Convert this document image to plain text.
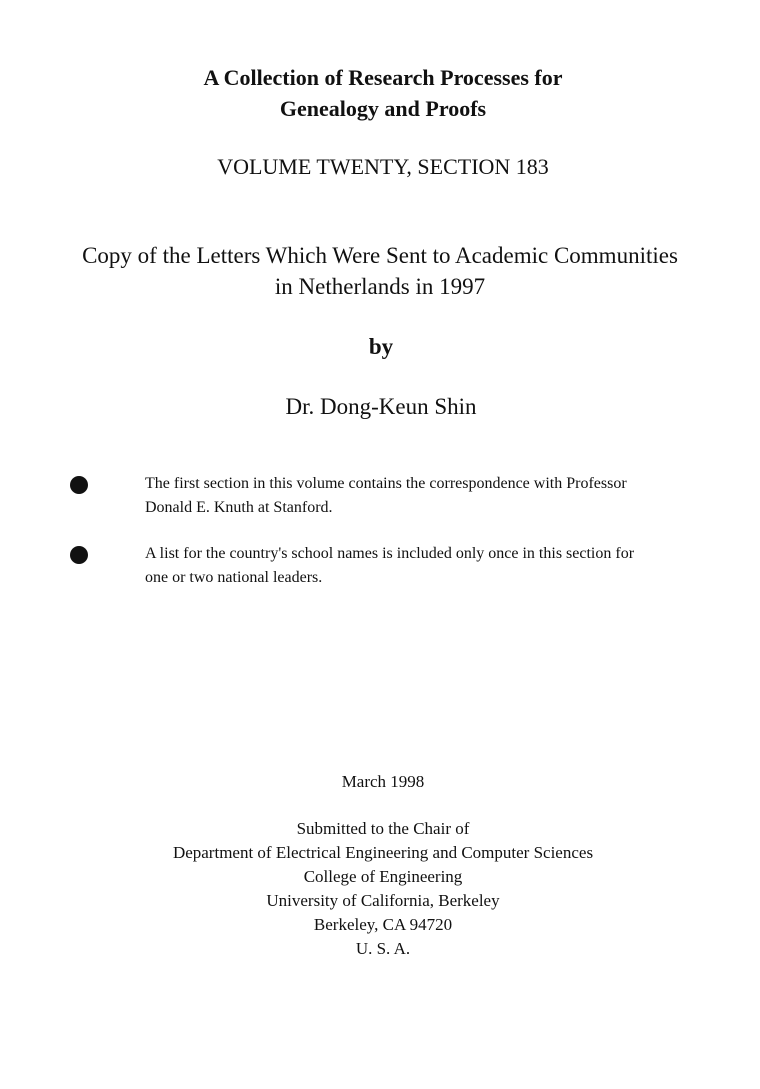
A Collection of Research Processes for
Genealogy and Proofs
VOLUME TWENTY, SECTION 183
Copy of the Letters Which Were Sent to Academic Communities
in Netherlands in 1997
by
Dr. Dong-Keun Shin
The first section in this volume contains the correspondence with Professor
Donald E. Knuth at Stanford.
A list for the country's school names is included only once in this section for
one or two national leaders.
March 1998
Submitted to the Chair of
Department of Electrical Engineering and Computer Sciences
College of Engineering
University of California, Berkeley
Berkeley, CA 94720
U. S. A.
